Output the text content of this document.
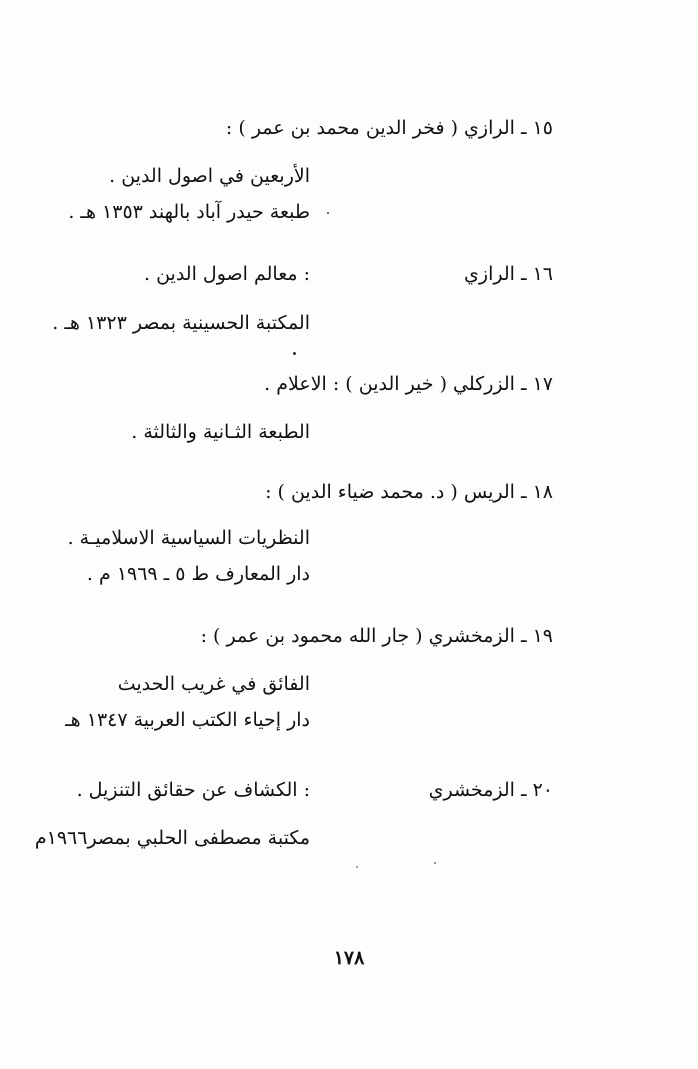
١٥ ـ الرازي ( فخر الدين محمد بن عمر ) :
الأربعين في اصول الدين .
طبعة حيدر آباد بالهند ١٣٥٣ هـ .
١٦ ـ الرازي
: معالم اصول الدين .
المكتبة الحسينية بمصر ١٣٢٣ هـ .
١٧ ـ الزركلي ( خير الدين ) : الاعلام .
الطبعة الثـانية والثالثة .
١٨ ـ الريس ( د. محمد ضياء الدين ) :
النظريات السياسية الاسلاميـة .
دار المعارف ط ٥ ـ ١٩٦٩ م .
١٩ ـ الزمخشري ( جار الله محمود بن عمر ) :
الفائق في غريب الحديث
دار إحياء الكتب العربية ١٣٤٧ هـ
٢٠ ـ الزمخشري
: الكشاف عن حقائق التنزيل .
مكتبة مصطفى الحلبي بمصر١٩٦٦م
١٧٨
